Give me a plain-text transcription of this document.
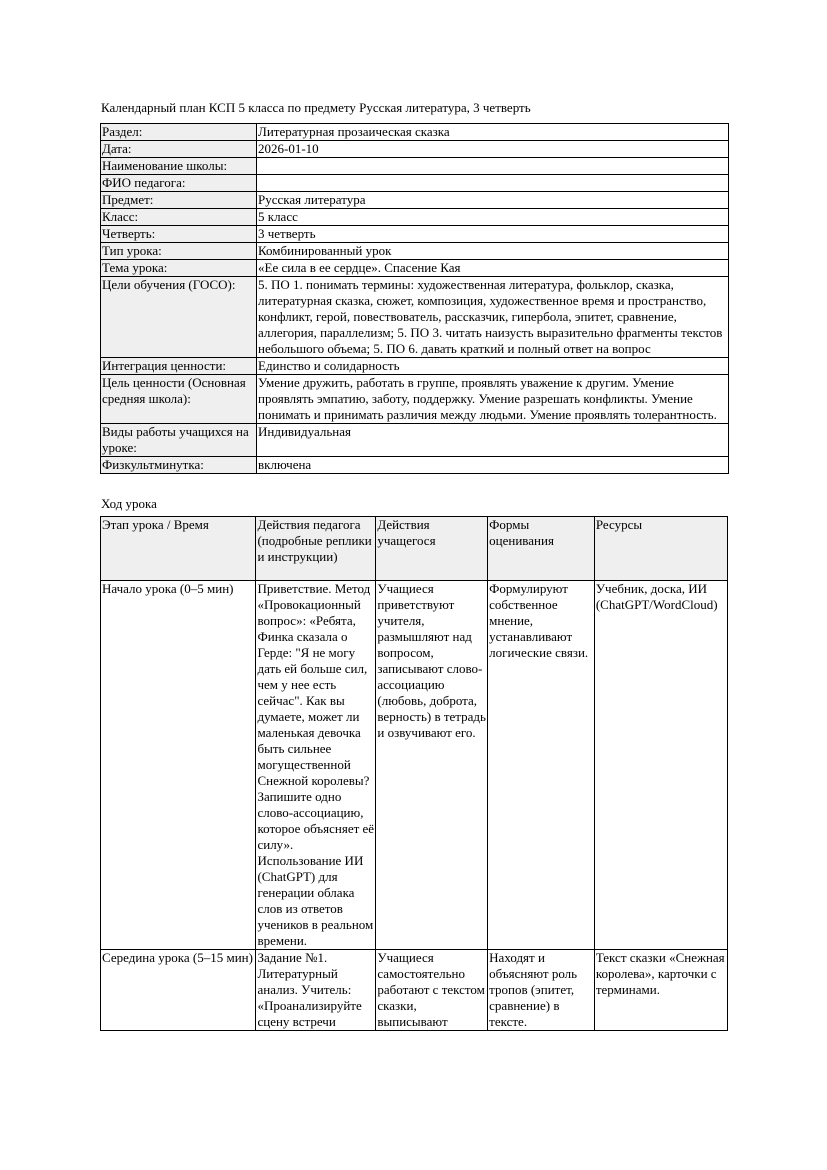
Календарный план КСП 5 класса по предмету Русская литература, 3 четверть
Раздел:	Литературная прозаическая сказка
Дата:	2026-01-10
Наименование школы:	
ФИО педагога:	
Предмет:	Русская литература
Класс:	5 класс
Четверть:	3 четверть
Тип урока:	Комбинированный урок
Тема урока:	«Ее сила в ее сердце». Спасение Кая
Цели обучения (ГОСО):	5. ПО 1. понимать термины: художественная литература, фольклор, сказка, литературная сказка, сюжет, композиция, художественное время и пространство, конфликт, герой, повествователь, рассказчик, гипербола, эпитет, сравнение, аллегория, параллелизм; 5. ПО 3. читать наизусть выразительно фрагменты текстов небольшого объема; 5. ПО 6. давать краткий и полный ответ на вопрос
Интеграция ценности:	Единство и солидарность
Цель ценности (Основная средняя школа):	Умение дружить, работать в группе, проявлять уважение к другим. Умение проявлять эмпатию, заботу, поддержку. Умение разрешать конфликты. Умение понимать и принимать различия между людьми. Умение проявлять толерантность.
Виды работы учащихся на уроке:	Индивидуальная
Физкультминутка:	включена
Ход урока
Этап урока / Время	Действия педагога (подробные реплики и инструкции)	Действия учащегося	Формы оценивания	Ресурсы
Начало урока (0–5 мин)	Приветствие. Метод «Провокационный вопрос»: «Ребята, Финка сказала о Герде: "Я не могу дать ей больше сил, чем у нее есть сейчас". Как вы думаете, может ли маленькая девочка быть сильнее могущественной Снежной королевы? Запишите одно слово-ассоциацию, которое объясняет её силу». Использование ИИ (ChatGPT) для генерации облака слов из ответов учеников в реальном времени.	Учащиеся приветствуют учителя, размышляют над вопросом, записывают слово-ассоциацию (любовь, доброта, верность) в тетрадь и озвучивают его.	Формулируют собственное мнение, устанавливают логические связи.	Учебник, доска, ИИ (ChatGPT/WordCloud)
Середина урока (5–15 мин)	Задание №1. Литературный анализ. Учитель: «Проанализируйте сцену встречи	Учащиеся самостоятельно работают с текстом сказки, выписывают	Находят и объясняют роль тропов (эпитет, сравнение) в тексте.	Текст сказки «Снежная королева», карточки с терминами.
